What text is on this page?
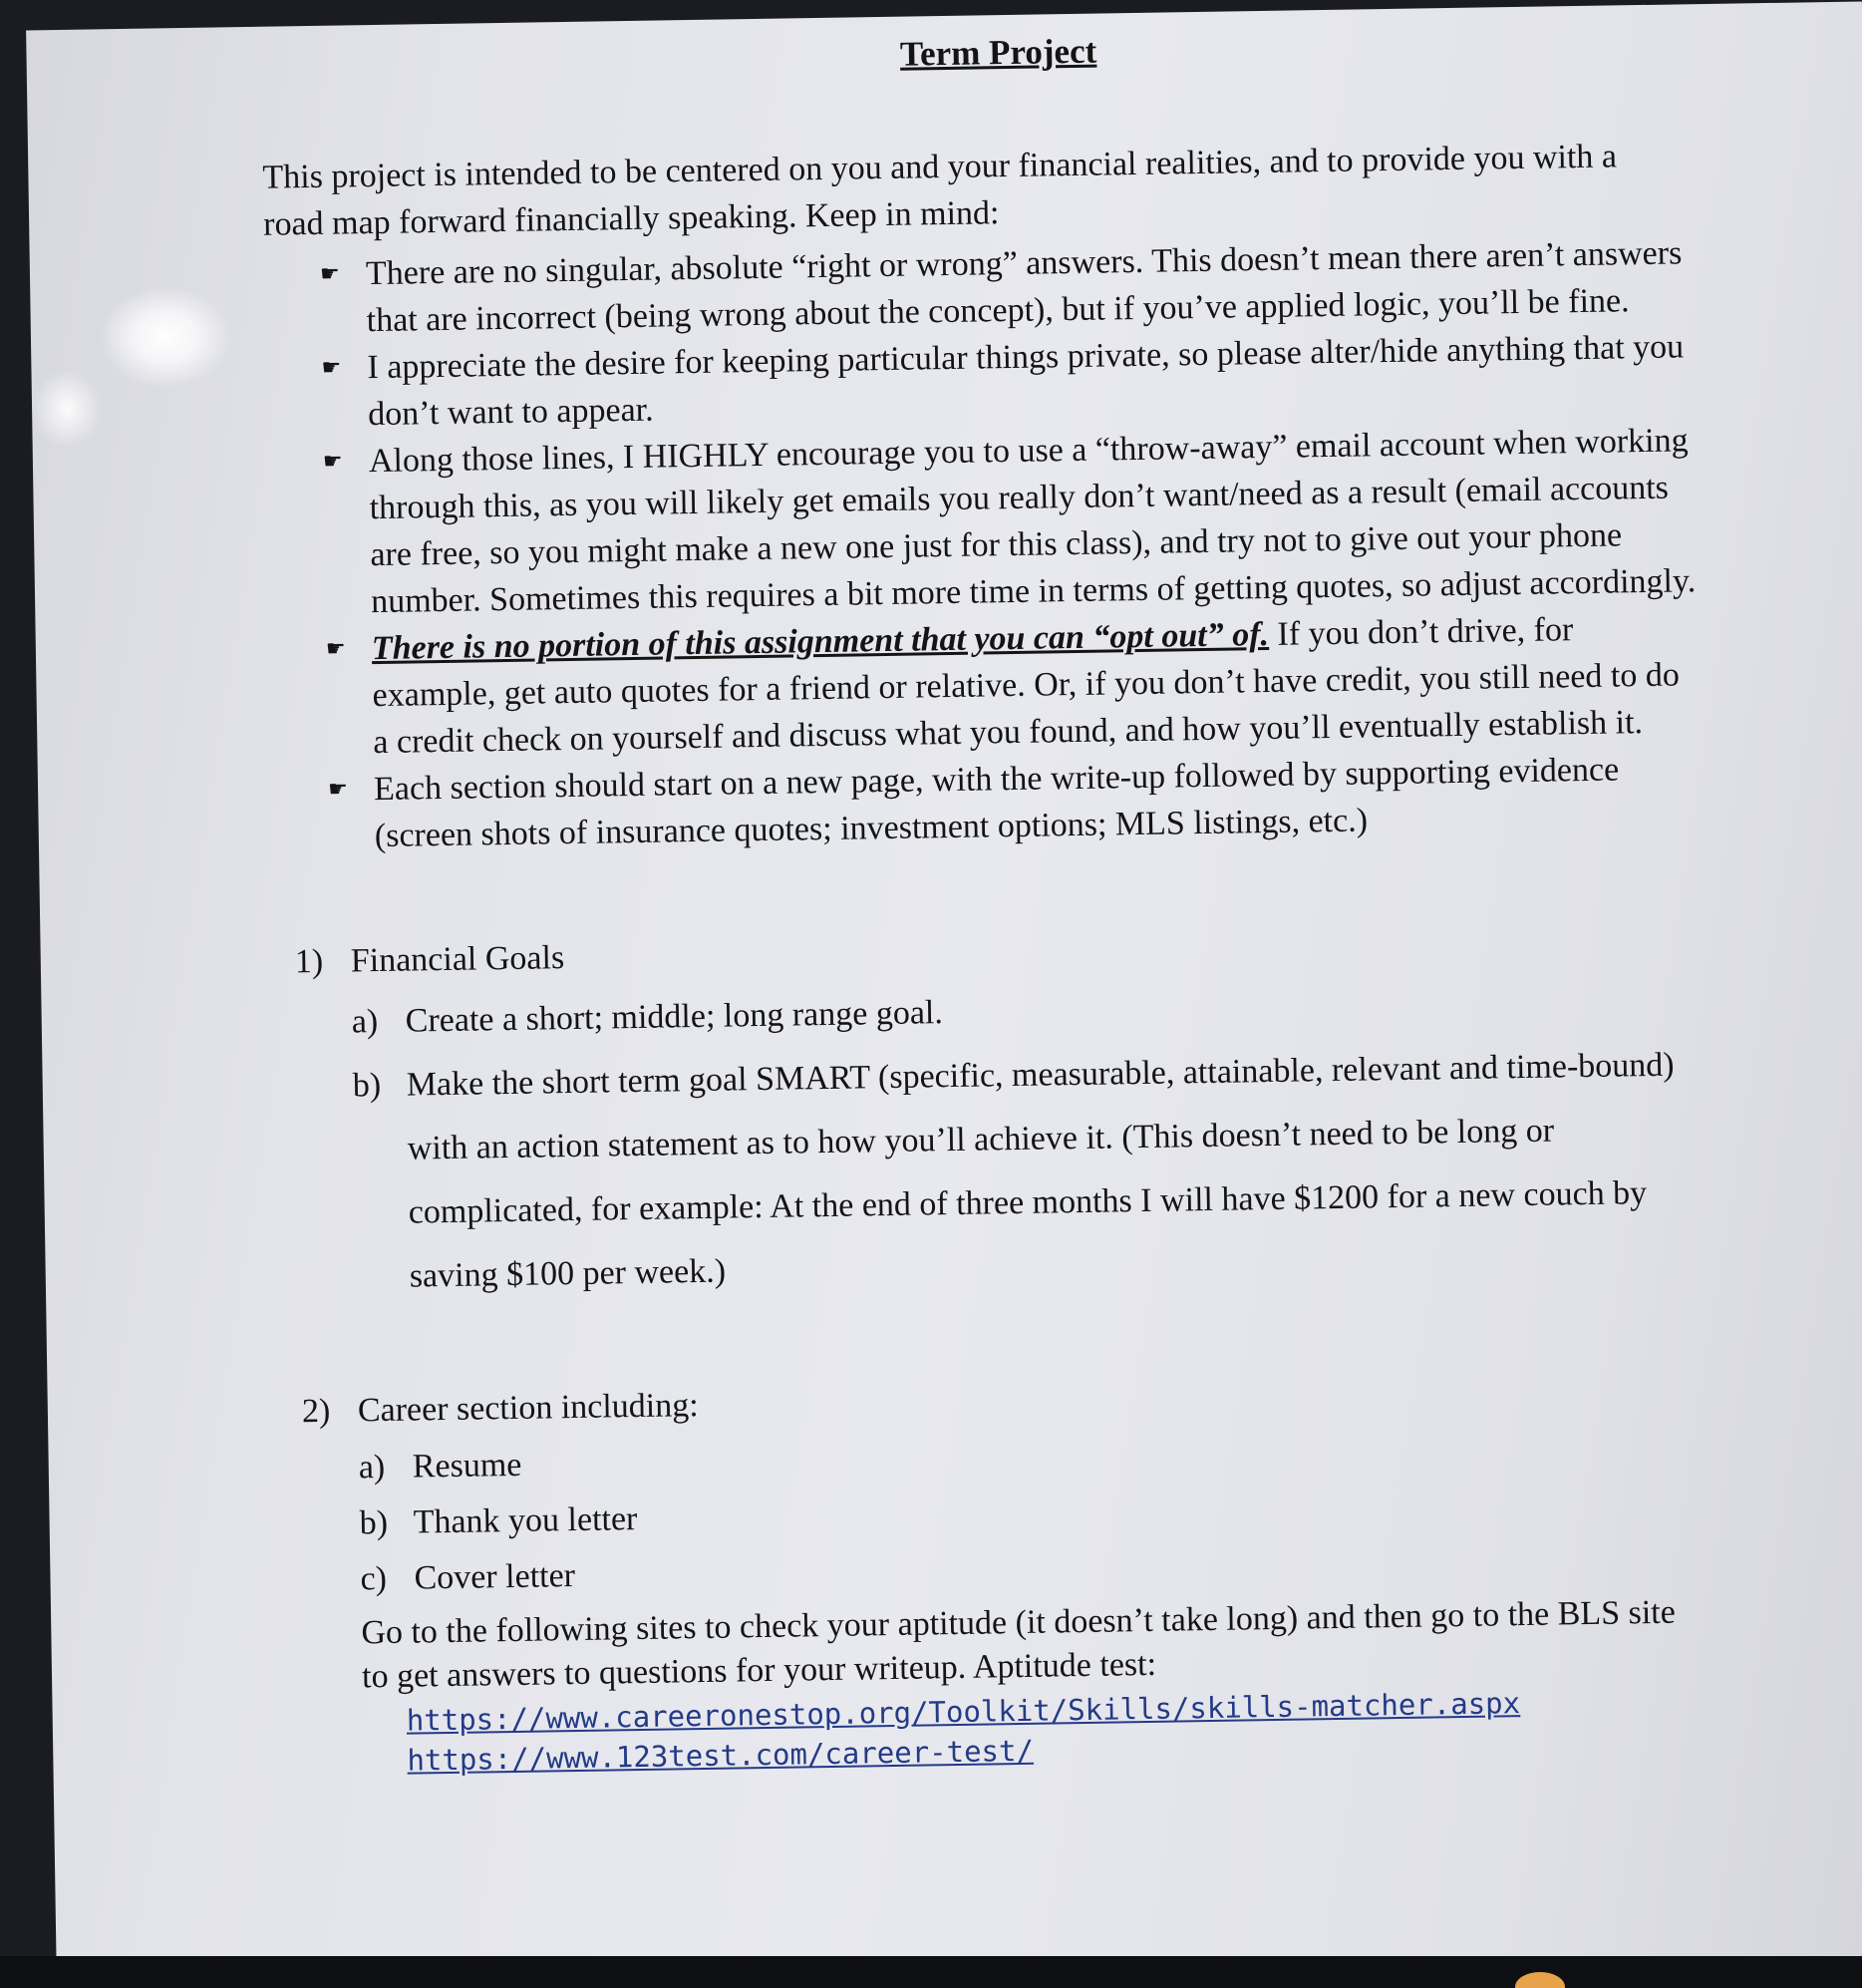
Term Project

This project is intended to be centered on you and your financial realities, and to provide you with a road map forward financially speaking. Keep in mind:

☛ There are no singular, absolute “right or wrong” answers. This doesn’t mean there aren’t answers that are incorrect (being wrong about the concept), but if you’ve applied logic, you’ll be fine.
☛ I appreciate the desire for keeping particular things private, so please alter/hide anything that you don’t want to appear.
☛ Along those lines, I HIGHLY encourage you to use a “throw-away” email account when working through this, as you will likely get emails you really don’t want/need as a result (email accounts are free, so you might make a new one just for this class), and try not to give out your phone number. Sometimes this requires a bit more time in terms of getting quotes, so adjust accordingly.
☛ There is no portion of this assignment that you can “opt out” of. If you don’t drive, for example, get auto quotes for a friend or relative. Or, if you don’t have credit, you still need to do a credit check on yourself and discuss what you found, and how you’ll eventually establish it.
☛ Each section should start on a new page, with the write-up followed by supporting evidence (screen shots of insurance quotes; investment options; MLS listings, etc.)
1) Financial Goals
a) Create a short; middle; long range goal.
b) Make the short term goal SMART (specific, measurable, attainable, relevant and time-bound) with an action statement as to how you’ll achieve it. (This doesn’t need to be long or complicated, for example: At the end of three months I will have $1200 for a new couch by saving $100 per week.)
2) Career section including:
a) Resume
b) Thank you letter
c) Cover letter
Go to the following sites to check your aptitude (it doesn’t take long) and then go to the BLS site to get answers to questions for your writeup. Aptitude test:
https://www.careeronestop.org/Toolkit/Skills/skills-matcher.aspx
https://www.123test.com/career-test/
